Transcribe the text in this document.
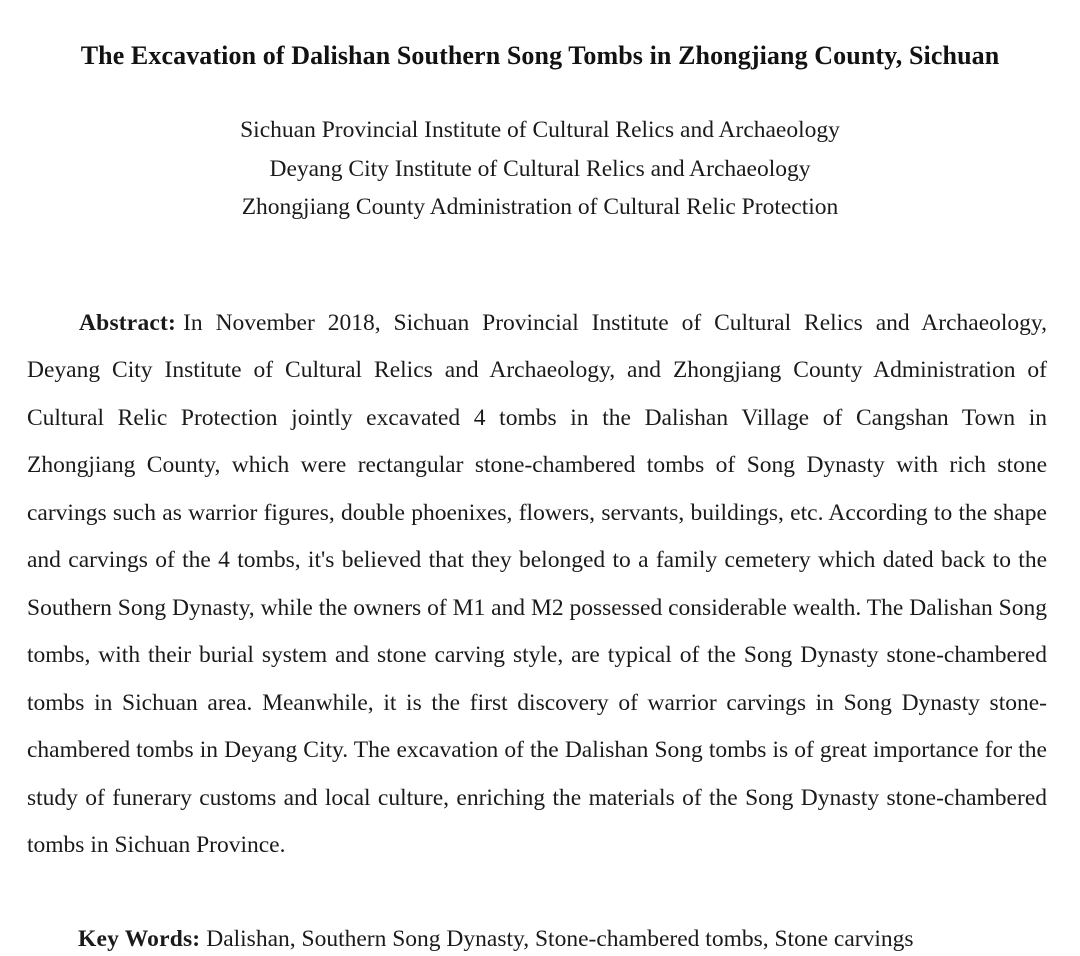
The Excavation of Dalishan Southern Song Tombs in Zhongjiang County, Sichuan
Sichuan Provincial Institute of Cultural Relics and Archaeology
Deyang City Institute of Cultural Relics and Archaeology
Zhongjiang County Administration of Cultural Relic Protection

Abstract: In November 2018, Sichuan Provincial Institute of Cultural Relics and Archaeology, Deyang City Institute of Cultural Relics and Archaeology, and Zhongjiang County Administration of Cultural Relic Protection jointly excavated 4 tombs in the Dalishan Village of Cangshan Town in Zhongjiang County, which were rectangular stone-chambered tombs of Song Dynasty with rich stone carvings such as warrior figures, double phoenixes, flowers, servants, buildings, etc. According to the shape and carvings of the 4 tombs, it's believed that they belonged to a family cemetery which dated back to the Southern Song Dynasty, while the owners of M1 and M2 possessed considerable wealth. The Dalishan Song tombs, with their burial system and stone carving style, are typical of the Song Dynasty stone-chambered tombs in Sichuan area. Meanwhile, it is the first discovery of warrior carvings in Song Dynasty stone-chambered tombs in Deyang City. The excavation of the Dalishan Song tombs is of great importance for the study of funerary customs and local culture, enriching the materials of the Song Dynasty stone-chambered tombs in Sichuan Province.

Key Words: Dalishan, Southern Song Dynasty, Stone-chambered tombs, Stone carvings
